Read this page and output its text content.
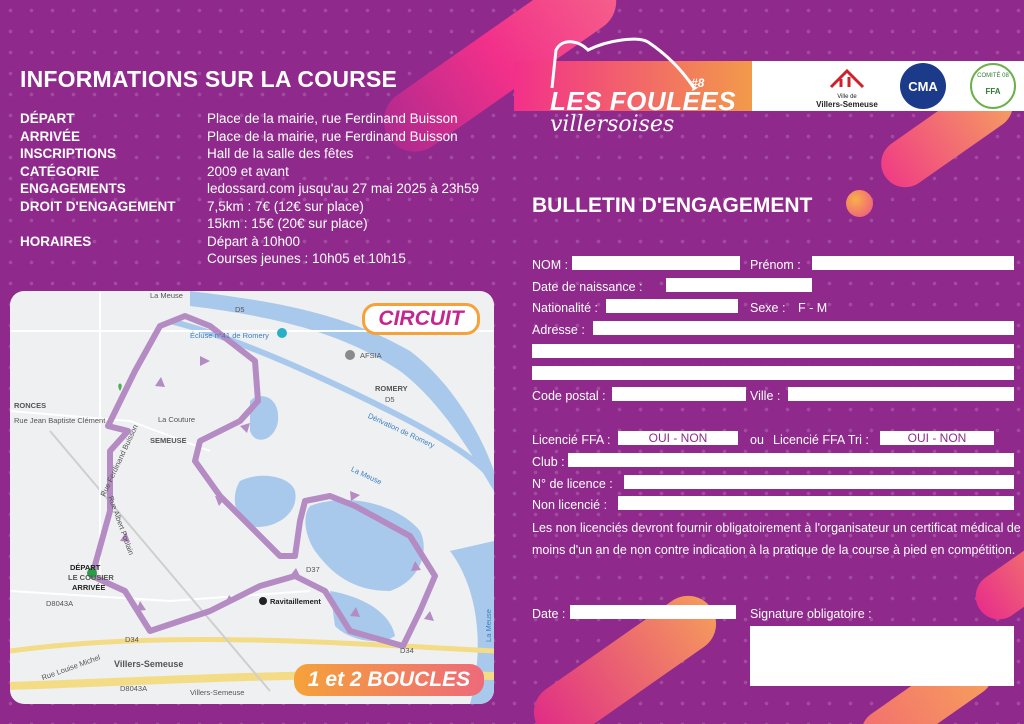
INFORMATIONS SUR LA COURSE
DÉPART	Place de la mairie, rue Ferdinand Buisson
ARRIVÉE	Place de la mairie, rue Ferdinand Buisson
INSCRIPTIONS	Hall de la salle des fêtes
CATÉGORIE	2009 et avant
ENGAGEMENTS	ledossard.com jusqu'au 27 mai 2025 à 23h59
DROIT D'ENGAGEMENT	7,5km : 7€ (12€ sur place)
15km : 15€ (20€ sur place)
HORAIRES	Départ à 10h00
Courses jeunes : 10h05 et 10h15
La Meuse
D5
Écluse n°41 de Romery
AFSIA
ROMERY
D5
RONCES
Rue Jean Baptiste Clément	La Couture
SEMEUSE	Dérivation de Romery
La Meuse
DÉPART
LE COUSIER
ARRIVÉE
Ravitaillement
D8043A
D34
D34
Villers-Semeuse
D8043A	Villers-Semeuse
La Meuse
Rue Louise Michel
Rue Ferdinand Buisson
Rue Albert Poulain
D37
CIRCUIT
1 et 2 BOUCLES
Ville de
Villers-Semeuse
CMA
COMITÉ 08
FFA
#8
LES FOULÉES
villersoises
BULLETIN D'ENGAGEMENT
NOM :	Prénom :
Date de naissance :
Nationalité :	Sexe : F - M
Adresse :
Code postal :	Ville :
Licencié FFA :	OUI - NON	ou Licencié FFA Tri :	OUI - NON
Club :
N° de licence :
Non licencié :
Les non licenciés devront fournir obligatoirement à l'organisateur un certificat médical de moins d'un an de non contre indication à la pratique de la course à pied en compétition.
Date :	Signature obligatoire :
